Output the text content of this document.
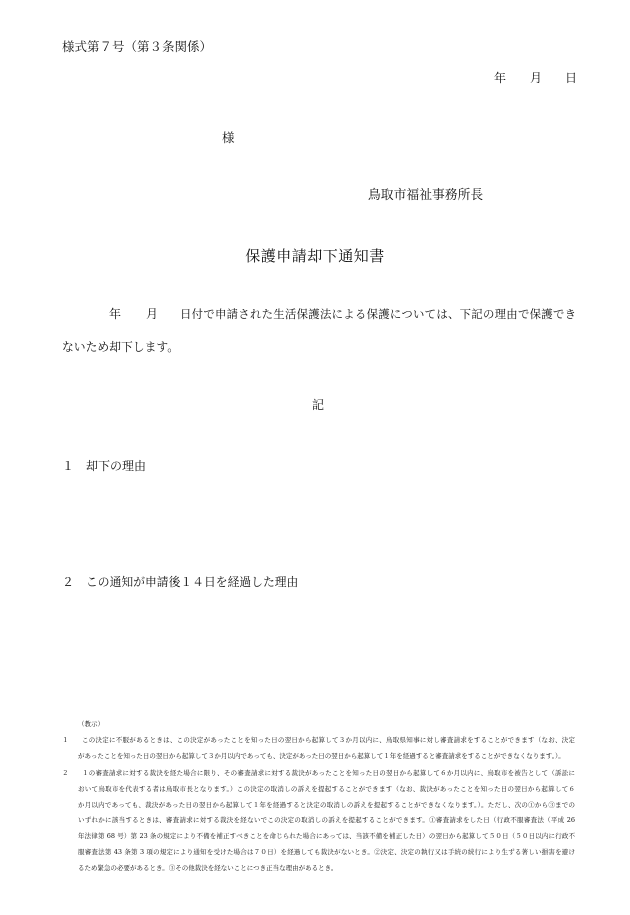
様式第７号（第３条関係）
年 月 日
様
鳥取市福祉事務所長
保護申請却下通知書
年 月 日付で申請された生活保護法による保護については、下記の理由で保護でき
ないため却下します。
記
１ 却下の理由
２ この通知が申請後１４日を経過した理由
（教示）
１	この決定に不服があるときは、この決定があったことを知った日の翌日から起算して３か月以内に、鳥取県知事に対し審査請求をすることができます（なお、決定
があったことを知った日の翌日から起算して３か月以内であっても、決定があった日の翌日から起算して１年を経過すると審査請求をすることができなくなります。）。
２	１の審査請求に対する裁決を経た場合に限り、その審査請求に対する裁決があったことを知った日の翌日から起算して６か月以内に、鳥取市を被告として（訴訟に
おいて鳥取市を代表する者は鳥取市長となります。）この決定の取消しの訴えを提起することができます（なお、裁決があったことを知った日の翌日から起算して６
か月以内であっても、裁決があった日の翌日から起算して１年を経過すると決定の取消しの訴えを提起することができなくなります。）。ただし、次の①から③までの
いずれかに該当するときは、審査請求に対する裁決を経ないでこの決定の取消しの訴えを提起することができます。①審査請求をした日（行政不服審査法（平成 26
年法律第 68 号）第 23 条の規定により不備を補正すべきことを命じられた場合にあっては、当該不備を補正した日）の翌日から起算して５０日（５０日以内に行政不
服審査法第 43 条第 3 項の規定により通知を受けた場合は７０日）を経過しても裁決がないとき。②決定、決定の執行又は手続の続行により生ずる著しい損害を避け
るため緊急の必要があるとき。③その他裁決を経ないことにつき正当な理由があるとき。
